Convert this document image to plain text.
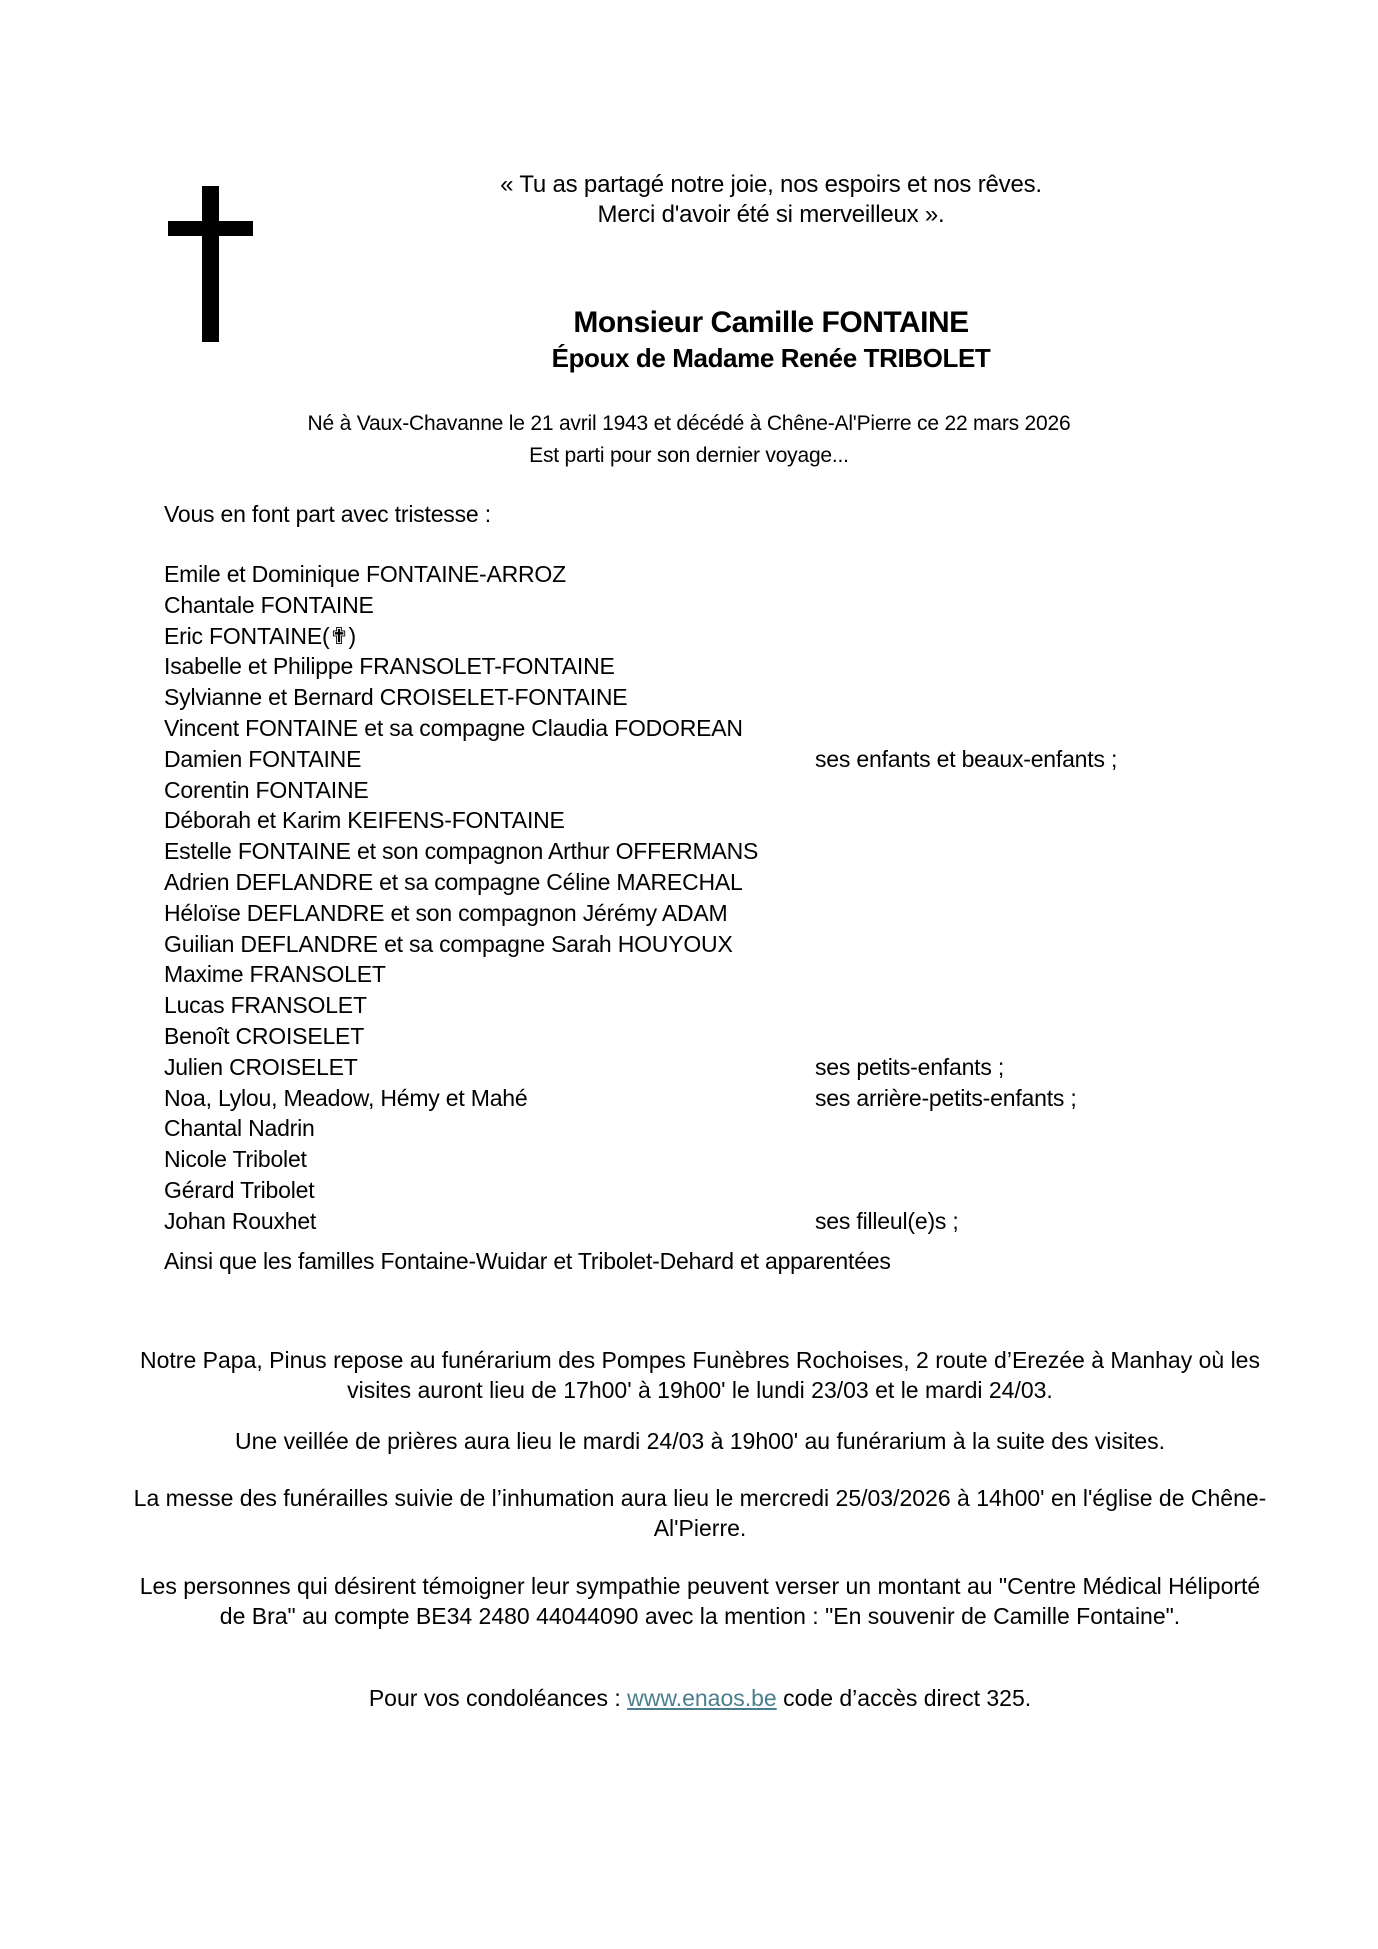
« Tu as partagé notre joie, nos espoirs et nos rêves.
Merci d'avoir été si merveilleux ».
Monsieur Camille FONTAINE
Époux de Madame Renée TRIBOLET
Né à Vaux-Chavanne le 21 avril 1943 et décédé à Chêne-Al'Pierre ce 22 mars 2026
Est parti pour son dernier voyage...
Vous en font part avec tristesse :
Emile et Dominique FONTAINE-ARROZ
Chantale FONTAINE
Eric FONTAINE(✟)
Isabelle et Philippe FRANSOLET-FONTAINE
Sylvianne et Bernard CROISELET-FONTAINE
Vincent FONTAINE et sa compagne Claudia FODOREAN
Damien FONTAINE	ses enfants et beaux-enfants ;
Corentin FONTAINE
Déborah et Karim KEIFENS-FONTAINE
Estelle FONTAINE et son compagnon Arthur OFFERMANS
Adrien DEFLANDRE et sa compagne Céline MARECHAL
Héloïse DEFLANDRE et son compagnon Jérémy ADAM
Guilian DEFLANDRE et sa compagne Sarah HOUYOUX
Maxime FRANSOLET
Lucas FRANSOLET
Benoît CROISELET
Julien CROISELET	ses petits-enfants ;
Noa, Lylou, Meadow, Hémy et Mahé	ses arrière-petits-enfants ;
Chantal Nadrin
Nicole Tribolet
Gérard Tribolet
Johan Rouxhet	ses filleul(e)s ;
Ainsi que les familles Fontaine-Wuidar et Tribolet-Dehard et apparentées

Notre Papa, Pinus repose au funérarium des Pompes Funèbres Rochoises, 2 route d’Erezée à Manhay où les visites auront lieu de 17h00' à 19h00' le lundi 23/03 et le mardi 24/03.

Une veillée de prières aura lieu le mardi 24/03 à 19h00' au funérarium à la suite des visites.

La messe des funérailles suivie de l’inhumation aura lieu le mercredi 25/03/2026 à 14h00' en l'église de Chêne-Al'Pierre.

Les personnes qui désirent témoigner leur sympathie peuvent verser un montant au "Centre Médical Héliporté de Bra" au compte BE34 2480 44044090 avec la mention : "En souvenir de Camille Fontaine".

Pour vos condoléances : www.enaos.be code d’accès direct 325.
